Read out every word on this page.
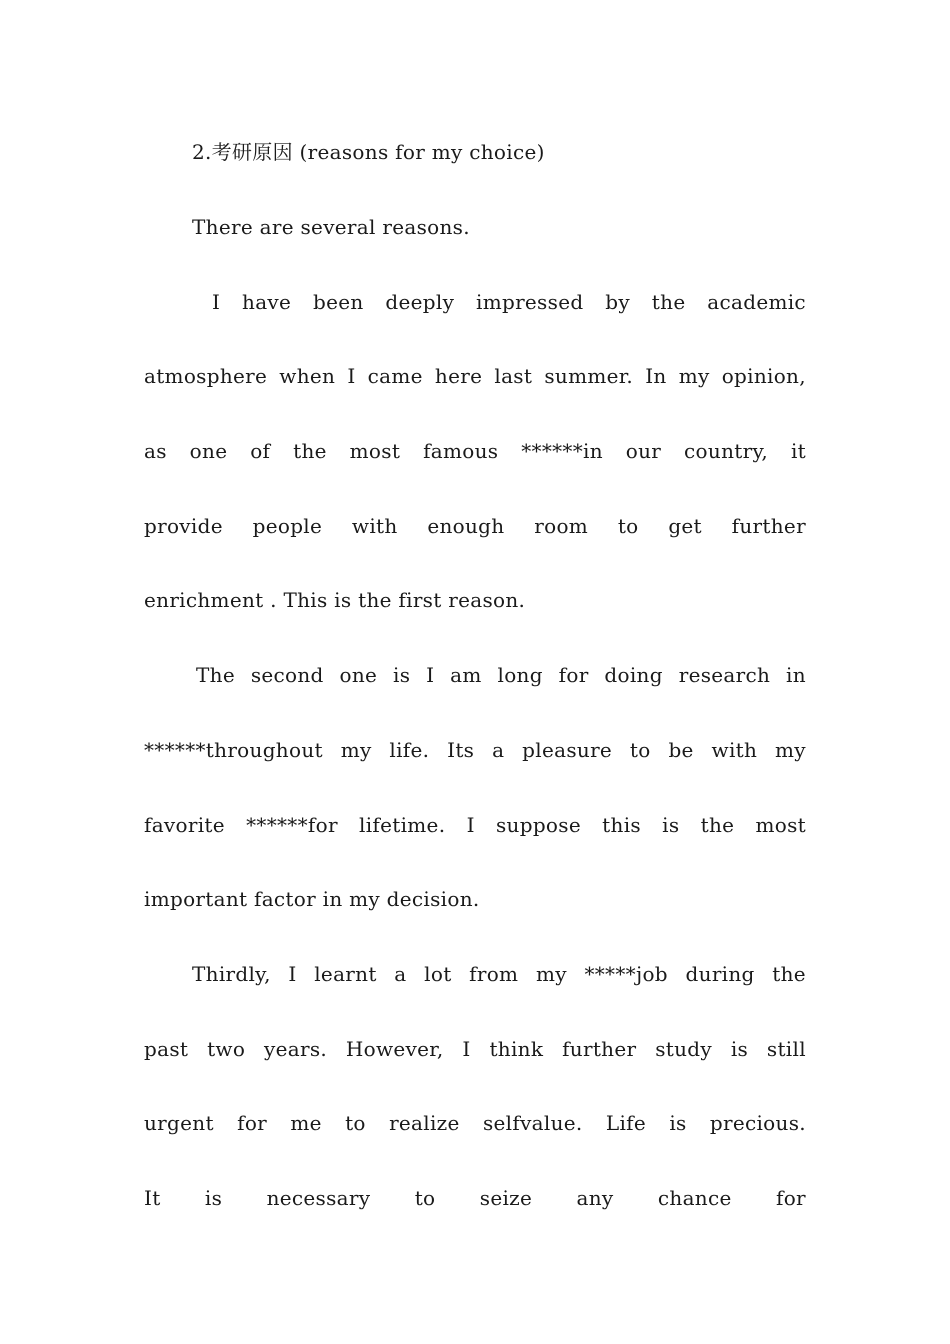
2.考研原因 (reasons for my choice)
There are several reasons.
I have been deeply impressed by the academic
atmosphere when I came here last summer. In my opinion,
as one of the most famous ******in our country, it
provide people with enough room to get further
enrichment . This is the first reason.
The second one is I am long for doing research in
******throughout my life. Its a pleasure to be with my
favorite ******for lifetime. I suppose this is the most
important factor in my decision.
Thirdly, I learnt a lot from my *****job during the
past two years. However, I think further study is still
urgent for me to realize selfvalue. Life is precious.
It is necessary to seize any chance for
